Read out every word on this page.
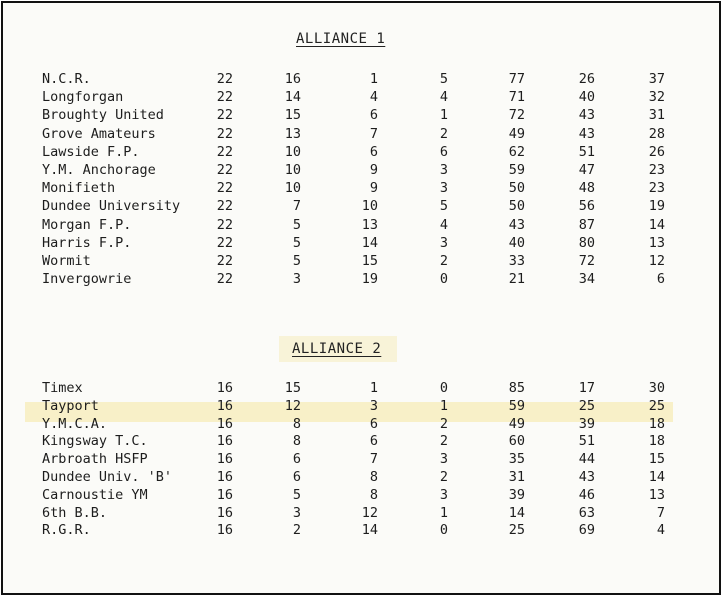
ALLIANCE 1
N.C.R.	22	16	1	5	77	26	37
Longforgan	22	14	4	4	71	40	32
Broughty United	22	15	6	1	72	43	31
Grove Amateurs	22	13	7	2	49	43	28
Lawside F.P.	22	10	6	6	62	51	26
Y.M. Anchorage	22	10	9	3	59	47	23
Monifieth	22	10	9	3	50	48	23
Dundee University	22	7	10	5	50	56	19
Morgan F.P.	22	5	13	4	43	87	14
Harris F.P.	22	5	14	3	40	80	13
Wormit	22	5	15	2	33	72	12
Invergowrie	22	3	19	0	21	34	6
ALLIANCE 2
Timex	16	15	1	0	85	17	30
Tayport	16	12	3	1	59	25	25
Y.M.C.A.	16	8	6	2	49	39	18
Kingsway T.C.	16	8	6	2	60	51	18
Arbroath HSFP	16	6	7	3	35	44	15
Dundee Univ. 'B'	16	6	8	2	31	43	14
Carnoustie YM	16	5	8	3	39	46	13
6th B.B.	16	3	12	1	14	63	7
R.G.R.	16	2	14	0	25	69	4
